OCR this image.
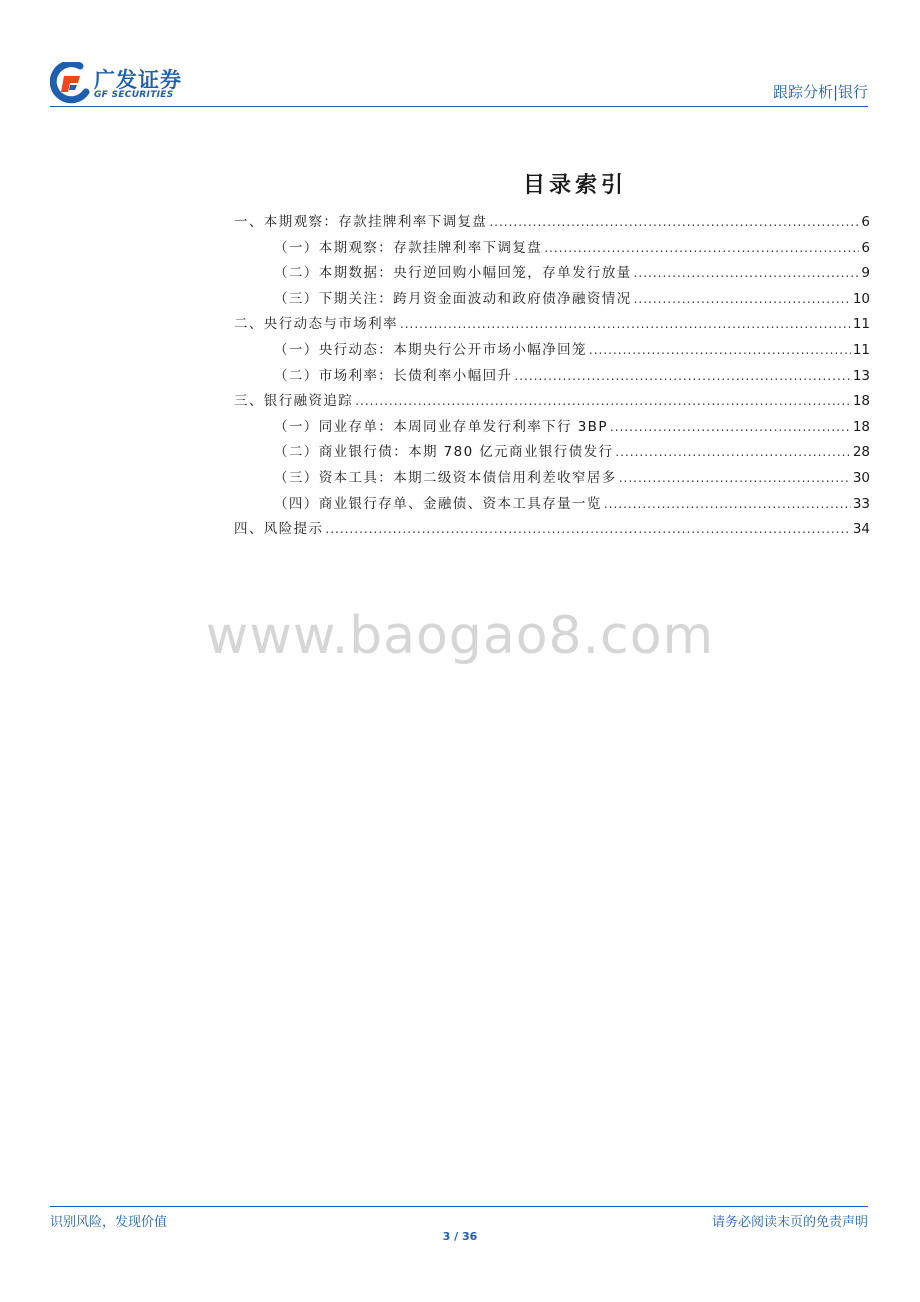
广发证券
GF SECURITIES	跟踪分析|银行
目录索引
一、本期观察：存款挂牌利率下调复盘 .....	6
（一）本期观察：存款挂牌利率下调复盘 .....	6
（二）本期数据：央行逆回购小幅回笼，存单发行放量 .....	9
（三）下期关注：跨月资金面波动和政府债净融资情况 .....	10
二、央行动态与市场利率 .....	11
（一）央行动态：本期央行公开市场小幅净回笼 .....	11
（二）市场利率：长债利率小幅回升 .....	13
三、银行融资追踪 .....	18
（一）同业存单：本周同业存单发行利率下行 3BP .....	18
（二）商业银行债：本期 780 亿元商业银行债发行 .....	28
（三）资本工具：本期二级资本债信用利差收窄居多 .....	30
（四）商业银行存单、金融债、资本工具存量一览 .....	33
四、风险提示 .....	34
www.baogao8.com
识别风险，发现价值	请务必阅读末页的免责声明
3 / 36
